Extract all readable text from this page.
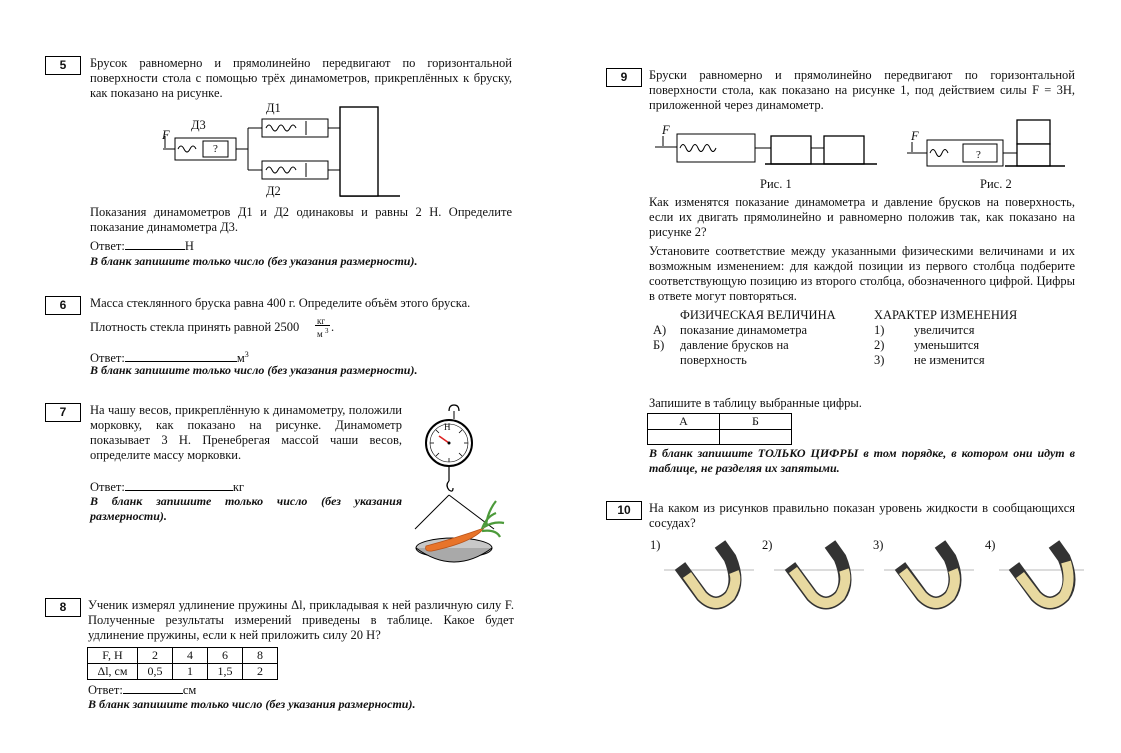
5	Брусок равномерно и прямолинейно передвигают по горизонтальной поверхности стола с помощью трёх динамометров, прикреплённых к бруску, как показано на рисунке.
F
Д1
Д2
Д3
?
Показания динамометров Д1 и Д2 одинаковы и равны 2 Н. Определите показание динамометра Д3.
Ответ:	Н
В бланк запишите только число (без указания размерности).
6	Масса стеклянного бруска равна 400 г. Определите объём этого бруска.
Плотность стекла принять равной 2500 кг
м 3 .
Ответ:	$м^3$
В бланк запишите только число (без указания размерности).
7	На чашу весов, прикреплённую к динамометру, положили морковку, как показано на рисунке. Динамометр показывает 3 Н. Пренебрегая массой чаши весов, определите массу морковки.
Ответ:	кг
В бланк запишите только число (без указания размерности).
Н
8	Ученик измерял удлинение пружины Δl, прикладывая к ней различную силу F. Полученные результаты измерений приведены в таблице. Какое будет удлинение пружины, если к ней приложить силу 20 Н?
F, Н	2	4	6	8
Δl, см	0,5	1	1,5	2
Ответ:	см
В бланк запишите только число (без указания размерности).
9	Бруски равномерно и прямолинейно передвигают по горизонтальной поверхности стола, как показано на рисунке 1, под действием силы F = 3Н, приложенной через динамометр.
F	F
?
Рис. 1	Рис. 2
Как изменятся показание динамометра и давление брусков на поверхность, если их двигать прямолинейно и равномерно положив так, как показано на рисунке 2?
Установите соответствие между указанными физическими величинами и их возможным изменением: для каждой позиции из первого столбца подберите соответствующую позицию из второго столбца, обозначенного цифрой. Цифры в ответе могут повторяться.
ФИЗИЧЕСКАЯ ВЕЛИЧИНА	ХАРАКТЕР ИЗМЕНЕНИЯ
А) показание динамометра
Б) давление брусков на поверхность
1) увеличится
2) уменьшится
3) не изменится
Запишите в таблицу выбранные цифры.
А	Б

В бланк запишите ТОЛЬКО ЦИФРЫ в том порядке, в котором они идут в таблице, не разделяя их запятыми.
10	На каком из рисунков правильно показан уровень жидкости в сообщающихся сосудах?
1)	2)	3)	4)
